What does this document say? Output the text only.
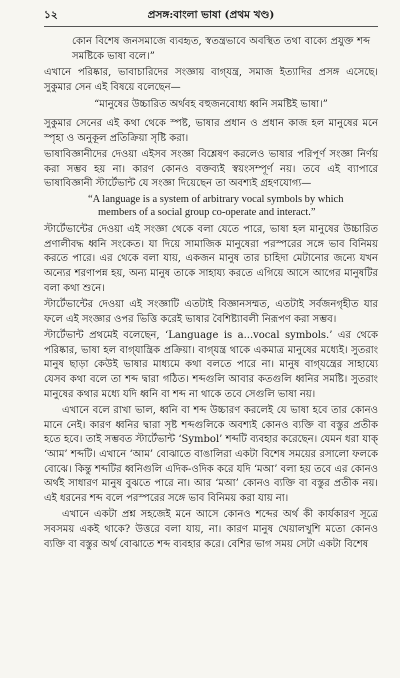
১২	প্রসঙ্গ:বাংলা ভাষা (প্রথম খণ্ড)

কোন বিশেষ জনসমাজে ব্যবহৃত, স্বতন্ত্রভাবে অবস্থিত তথা বাক্যে প্রযুক্ত শব্দ সমষ্টিকে ভাষা বলে।”

এখানে পরিষ্কার, ভাবাচারিদের সংজ্ঞায় বাগ্‌যন্ত্র, সমাজ ইত্যাদির প্রসঙ্গ এসেছে। সুকুমার সেন এই বিষয়ে বলেছেন—

“মানুষের উচ্চারিত অর্থবহ বহুজনবোধ্য ধ্বনি সমষ্টিই ভাষা।”

সুকুমার সেনের এই কথা থেকে স্পষ্ট, ভাষার প্রধান ও প্রধান কাজ হল মানুষের মনে স্পৃহা ও অনুকূল প্রতিক্রিয়া সৃষ্টি করা।

ভাষাবিজ্ঞানীদের দেওয়া এইসব সংজ্ঞা বিশ্লেষণ করলেও ভাষার পরিপূর্ণ সংজ্ঞা নির্ণয় করা সম্ভব হয় না। কারণ কোনও বক্তব্যই স্বয়ংসম্পূর্ণ নয়। তবে এই ব্যাপারে ভাষাবিজ্ঞানী স্টার্টেভান্ট যে সংজ্ঞা দিয়েছেন তা অবশ্যই গ্রহণযোগ্য—

“A language is a system of arbitrary vocal symbols by which
members of a social group co-operate and interact.”

স্টার্টেভান্টের দেওয়া এই সংজ্ঞা থেকে বলা যেতে পারে, ভাষা হল মানুষের উচ্চারিত প্রণালীবদ্ধ ধ্বনি সংকেত। যা দিয়ে সামাজিক মানুষেরা পরস্পরের সঙ্গে ভাব বিনিময় করতে পারে। এর থেকে বলা যায়, একজন মানুষ তার চাহিদা মেটানোর জন্যে যখন অন্যের শরণাপন্ন হয়, অন্য মানুষ তাকে সাহায্য করতে এগিয়ে আসে আগের মানুষটির বলা কথা শুনে।

স্টার্টেভান্টের দেওয়া এই সংজ্ঞাটি এতটাই বিজ্ঞানসম্মত, এতটাই সর্বজনগৃহীত যার ফলে এই সংজ্ঞার ওপর ভিত্তি করেই ভাষার বৈশিষ্ট্যাবলী নিরূপণ করা সম্ভব।

স্টার্টেভান্ট প্রথমেই বলেছেন, ‘Language is a...vocal symbols.’ এর থেকে পরিষ্কার, ভাষা হল বাগ্‌যান্ত্রিক প্রক্রিয়া। বাগ্‌যন্ত্র থাকে একমাত্র মানুষের মধ্যেই। সুতরাং মানুষ ছাড়া কেউই ভাষার মাধ্যমে কথা বলতে পারে না। মানুষ বাগ্‌যন্ত্রের সাহায্যে যেসব কথা বলে তা শব্দ দ্বারা গঠিত। শব্দগুলি আবার কতগুলি ধ্বনির সমষ্টি। সুতরাং মানুষের কথার মধ্যে যদি ধ্বনি বা শব্দ না থাকে তবে সেগুলি ভাষা নয়।

এখানে বলে রাখা ভাল, ধ্বনি বা শব্দ উচ্চারণ করলেই যে ভাষা হবে তার কোনও মানে নেই। কারণ ধ্বনির দ্বারা সৃষ্ট শব্দগুলিকে অবশ্যই কোনও ব্যক্তি বা বস্তুর প্রতীক হতে হবে। তাই সম্ভবত স্টার্টেভান্ট ‘Symbol’ শব্দটি ব্যবহার করেছেন। যেমন ধরা যাক্‌ ‘আম’ শব্দটি। এখানে ‘আম’ বোঝাতে বাঙালিরা একটা বিশেষ সময়ের রসালো ফলকে বোঝে। কিন্তু শব্দটির ধ্বনিগুলি এদিক-ওদিক করে যদি ‘মআ’ বলা হয় তবে এর কোনও অর্থই সাধারণ মানুষ বুঝতে পারে না। আর ‘মআ’ কোনও ব্যক্তি বা বস্তুর প্রতীক নয়। এই ধরনের শব্দ বলে পরস্পরের সঙ্গে ভাব বিনিময় করা যায় না।

এখানে একটা প্রশ্ন সহজেই মনে আসে কোনও শব্দের অর্থ কী কার্যকারণ সূত্রে সবসময় একই থাকে? উত্তরে বলা যায়, না। কারণ মানুষ খেয়ালখুশি মতো কোনও ব্যক্তি বা বস্তুর অর্থ বোঝাতে শব্দ ব্যবহার করে। বেশির ভাগ সময় সেটা একটা বিশেষ
